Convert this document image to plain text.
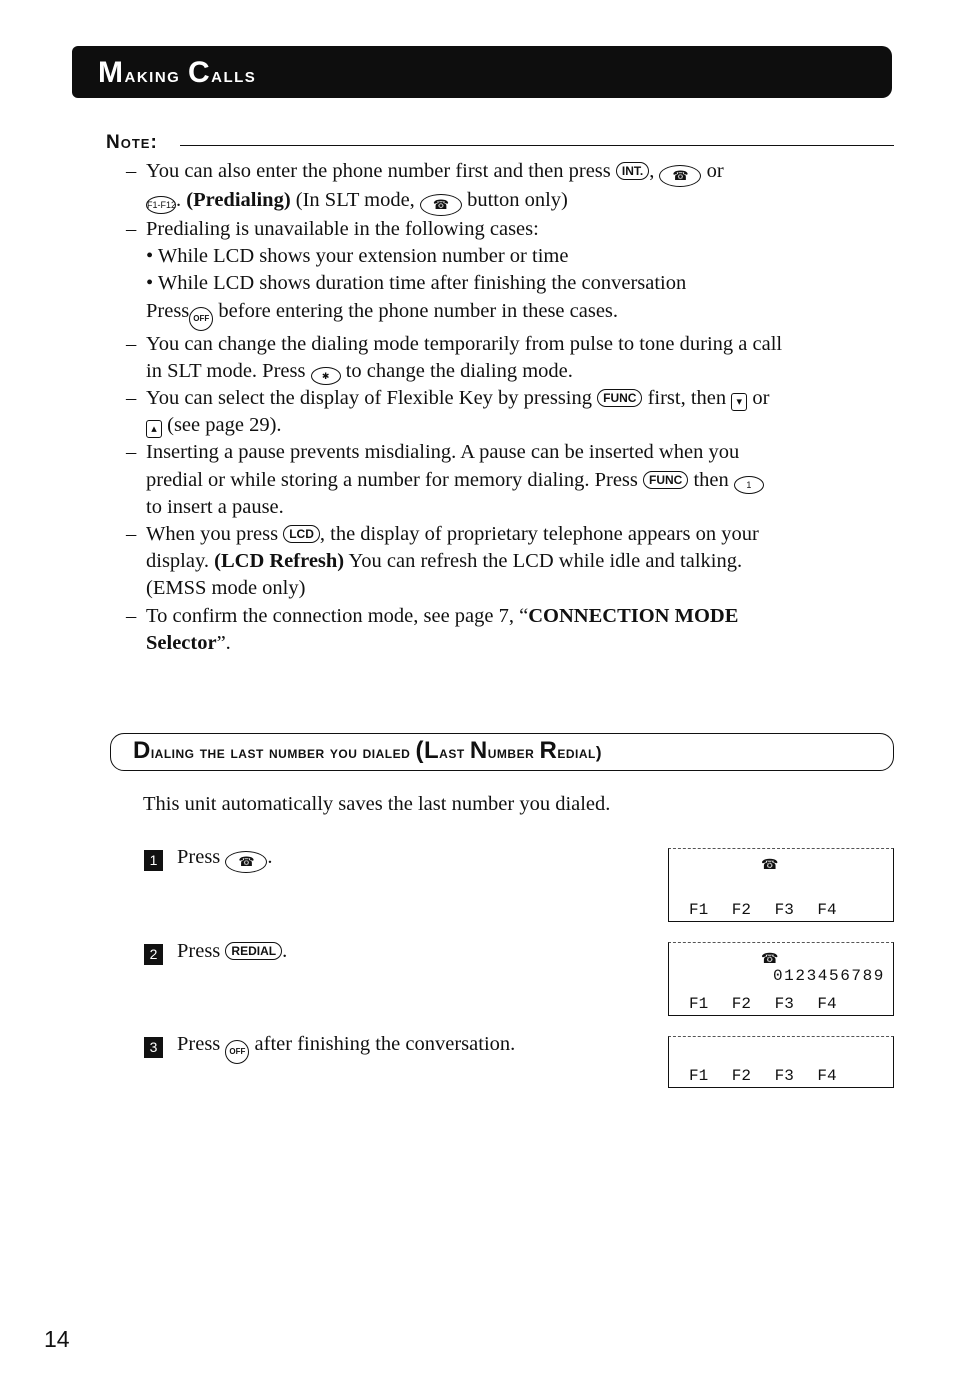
Making Calls
Note:
– You can also enter the phone number first and then press INT. , ☎ or
F1-F12. (Predialing) (In SLT mode, ☎ button only)
– Predialing is unavailable in the following cases:
• While LCD shows your extension number or time
• While LCD shows duration time after finishing the conversation
Press OFF before entering the phone number in these cases.
– You can change the dialing mode temporarily from pulse to tone during a call
in SLT mode. Press ✱ to change the dialing mode.
– You can select the display of Flexible Key by pressing FUNC first, then ▾ or
▴ (see page 29).
– Inserting a pause prevents misdialing. A pause can be inserted when you
predial or while storing a number for memory dialing. Press FUNC then 1
to insert a pause.
– When you press LCD , the display of proprietary telephone appears on your
display. (LCD Refresh) You can refresh the LCD while idle and talking.
(EMSS mode only)
– To confirm the connection mode, see page 7, “CONNECTION MODE
Selector”.
Dialing the last number you dialed (Last Number Redial)
This unit automatically saves the last number you dialed.
1 Press ☎ .
2 Press REDIAL .
3 Press OFF after finishing the conversation.
☎
F1 F2 F3 F4
☎
0123456789
F1 F2 F3 F4
F1 F2 F3 F4
14
